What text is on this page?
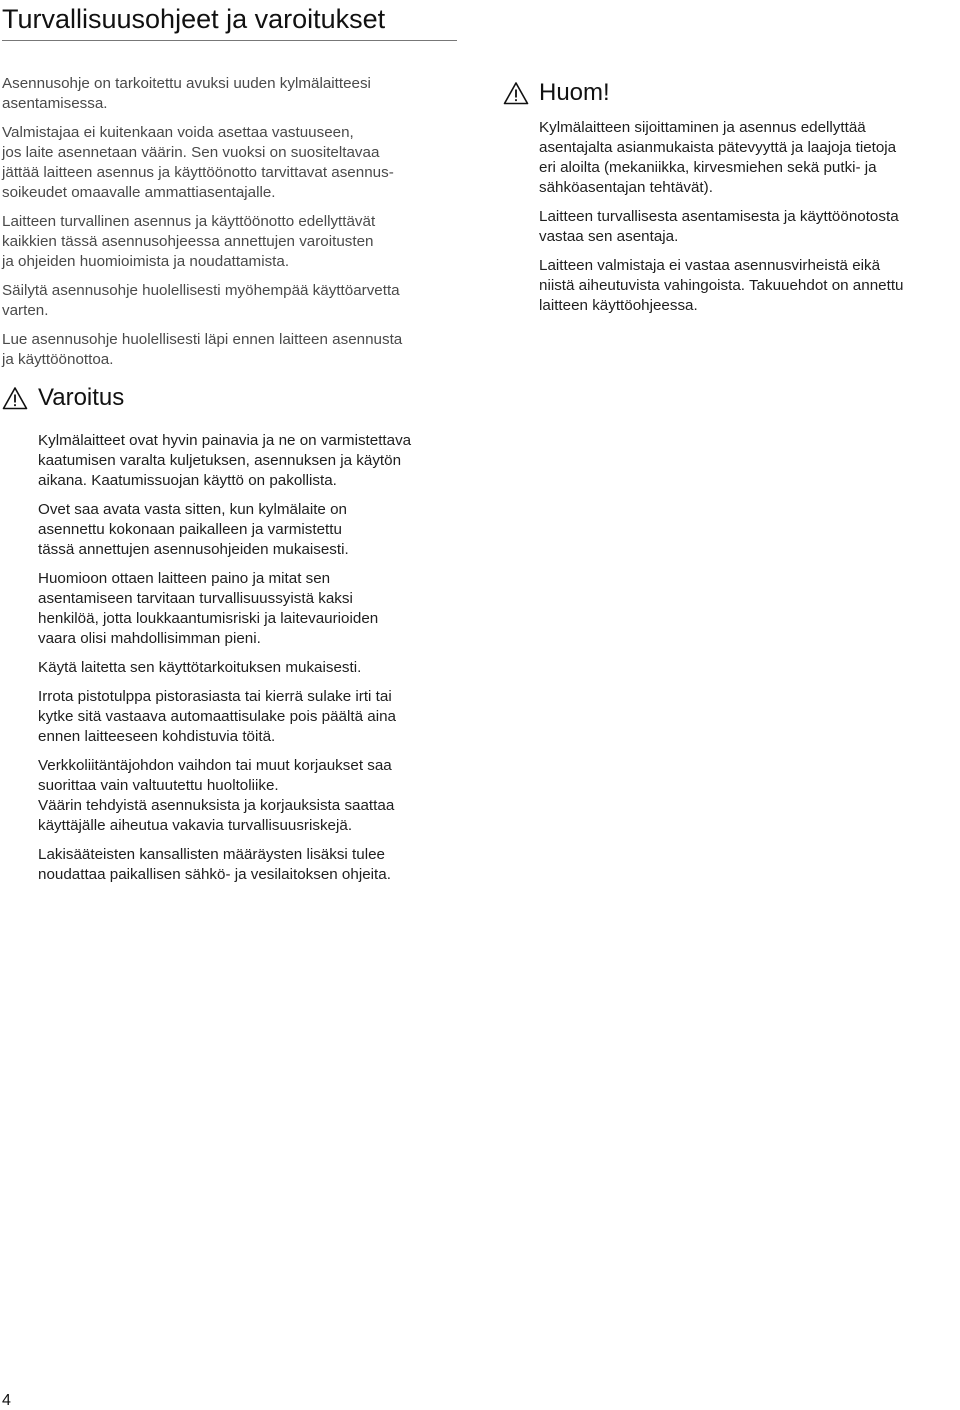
Turvallisuusohjeet ja varoitukset

Asennusohje on tarkoitettu avuksi uuden kylmälaitteesi
asentamisessa.

Valmistajaa ei kuitenkaan voida asettaa vastuuseen,
jos laite asennetaan väärin. Sen vuoksi on suositeltavaa
jättää laitteen asennus ja käyttöönotto tarvittavat asennus-
soikeudet omaavalle ammattiasentajalle.

Laitteen turvallinen asennus ja käyttöönotto edellyttävät
kaikkien tässä asennusohjeessa annettujen varoitusten
ja ohjeiden huomioimista ja noudattamista.

Säilytä asennusohje huolellisesti myöhempää käyttöarvetta
varten.

Lue asennusohje huolellisesti läpi ennen laitteen asennusta
ja käyttöönottoa.

Varoitus

Kylmälaitteet ovat hyvin painavia ja ne on varmistettava
kaatumisen varalta kuljetuksen, asennuksen ja käytön
aikana. Kaatumissuojan käyttö on pakollista.

Ovet saa avata vasta sitten, kun kylmälaite on
asennettu kokonaan paikalleen ja varmistettu
tässä annettujen asennusohjeiden mukaisesti.

Huomioon ottaen laitteen paino ja mitat sen
asentamiseen tarvitaan turvallisuussyistä kaksi
henkilöä, jotta loukkaantumisriski ja laitevaurioiden
vaara olisi mahdollisimman pieni.

Käytä laitetta sen käyttötarkoituksen mukaisesti.

Irrota pistotulppa pistorasiasta tai kierrä sulake irti tai
kytke sitä vastaava automaattisulake pois päältä aina
ennen laitteeseen kohdistuvia töitä.

Verkkoliitäntäjohdon vaihdon tai muut korjaukset saa
suorittaa vain valtuutettu huoltoliike.
Väärin tehdyistä asennuksista ja korjauksista saattaa
käyttäjälle aiheutua vakavia turvallisuusriskejä.

Lakisääteisten kansallisten määräysten lisäksi tulee
noudattaa paikallisen sähkö- ja vesilaitoksen ohjeita.

Huom!

Kylmälaitteen sijoittaminen ja asennus edellyttää
asentajalta asianmukaista pätevyyttä ja laajoja tietoja
eri aloilta (mekaniikka, kirvesmiehen sekä putki- ja
sähköasentajan tehtävät).

Laitteen turvallisesta asentamisesta ja käyttöönotosta
vastaa sen asentaja.

Laitteen valmistaja ei vastaa asennusvirheistä eikä
niistä aiheutuvista vahingoista. Takuuehdot on annettu
laitteen käyttöohjeessa.

4
